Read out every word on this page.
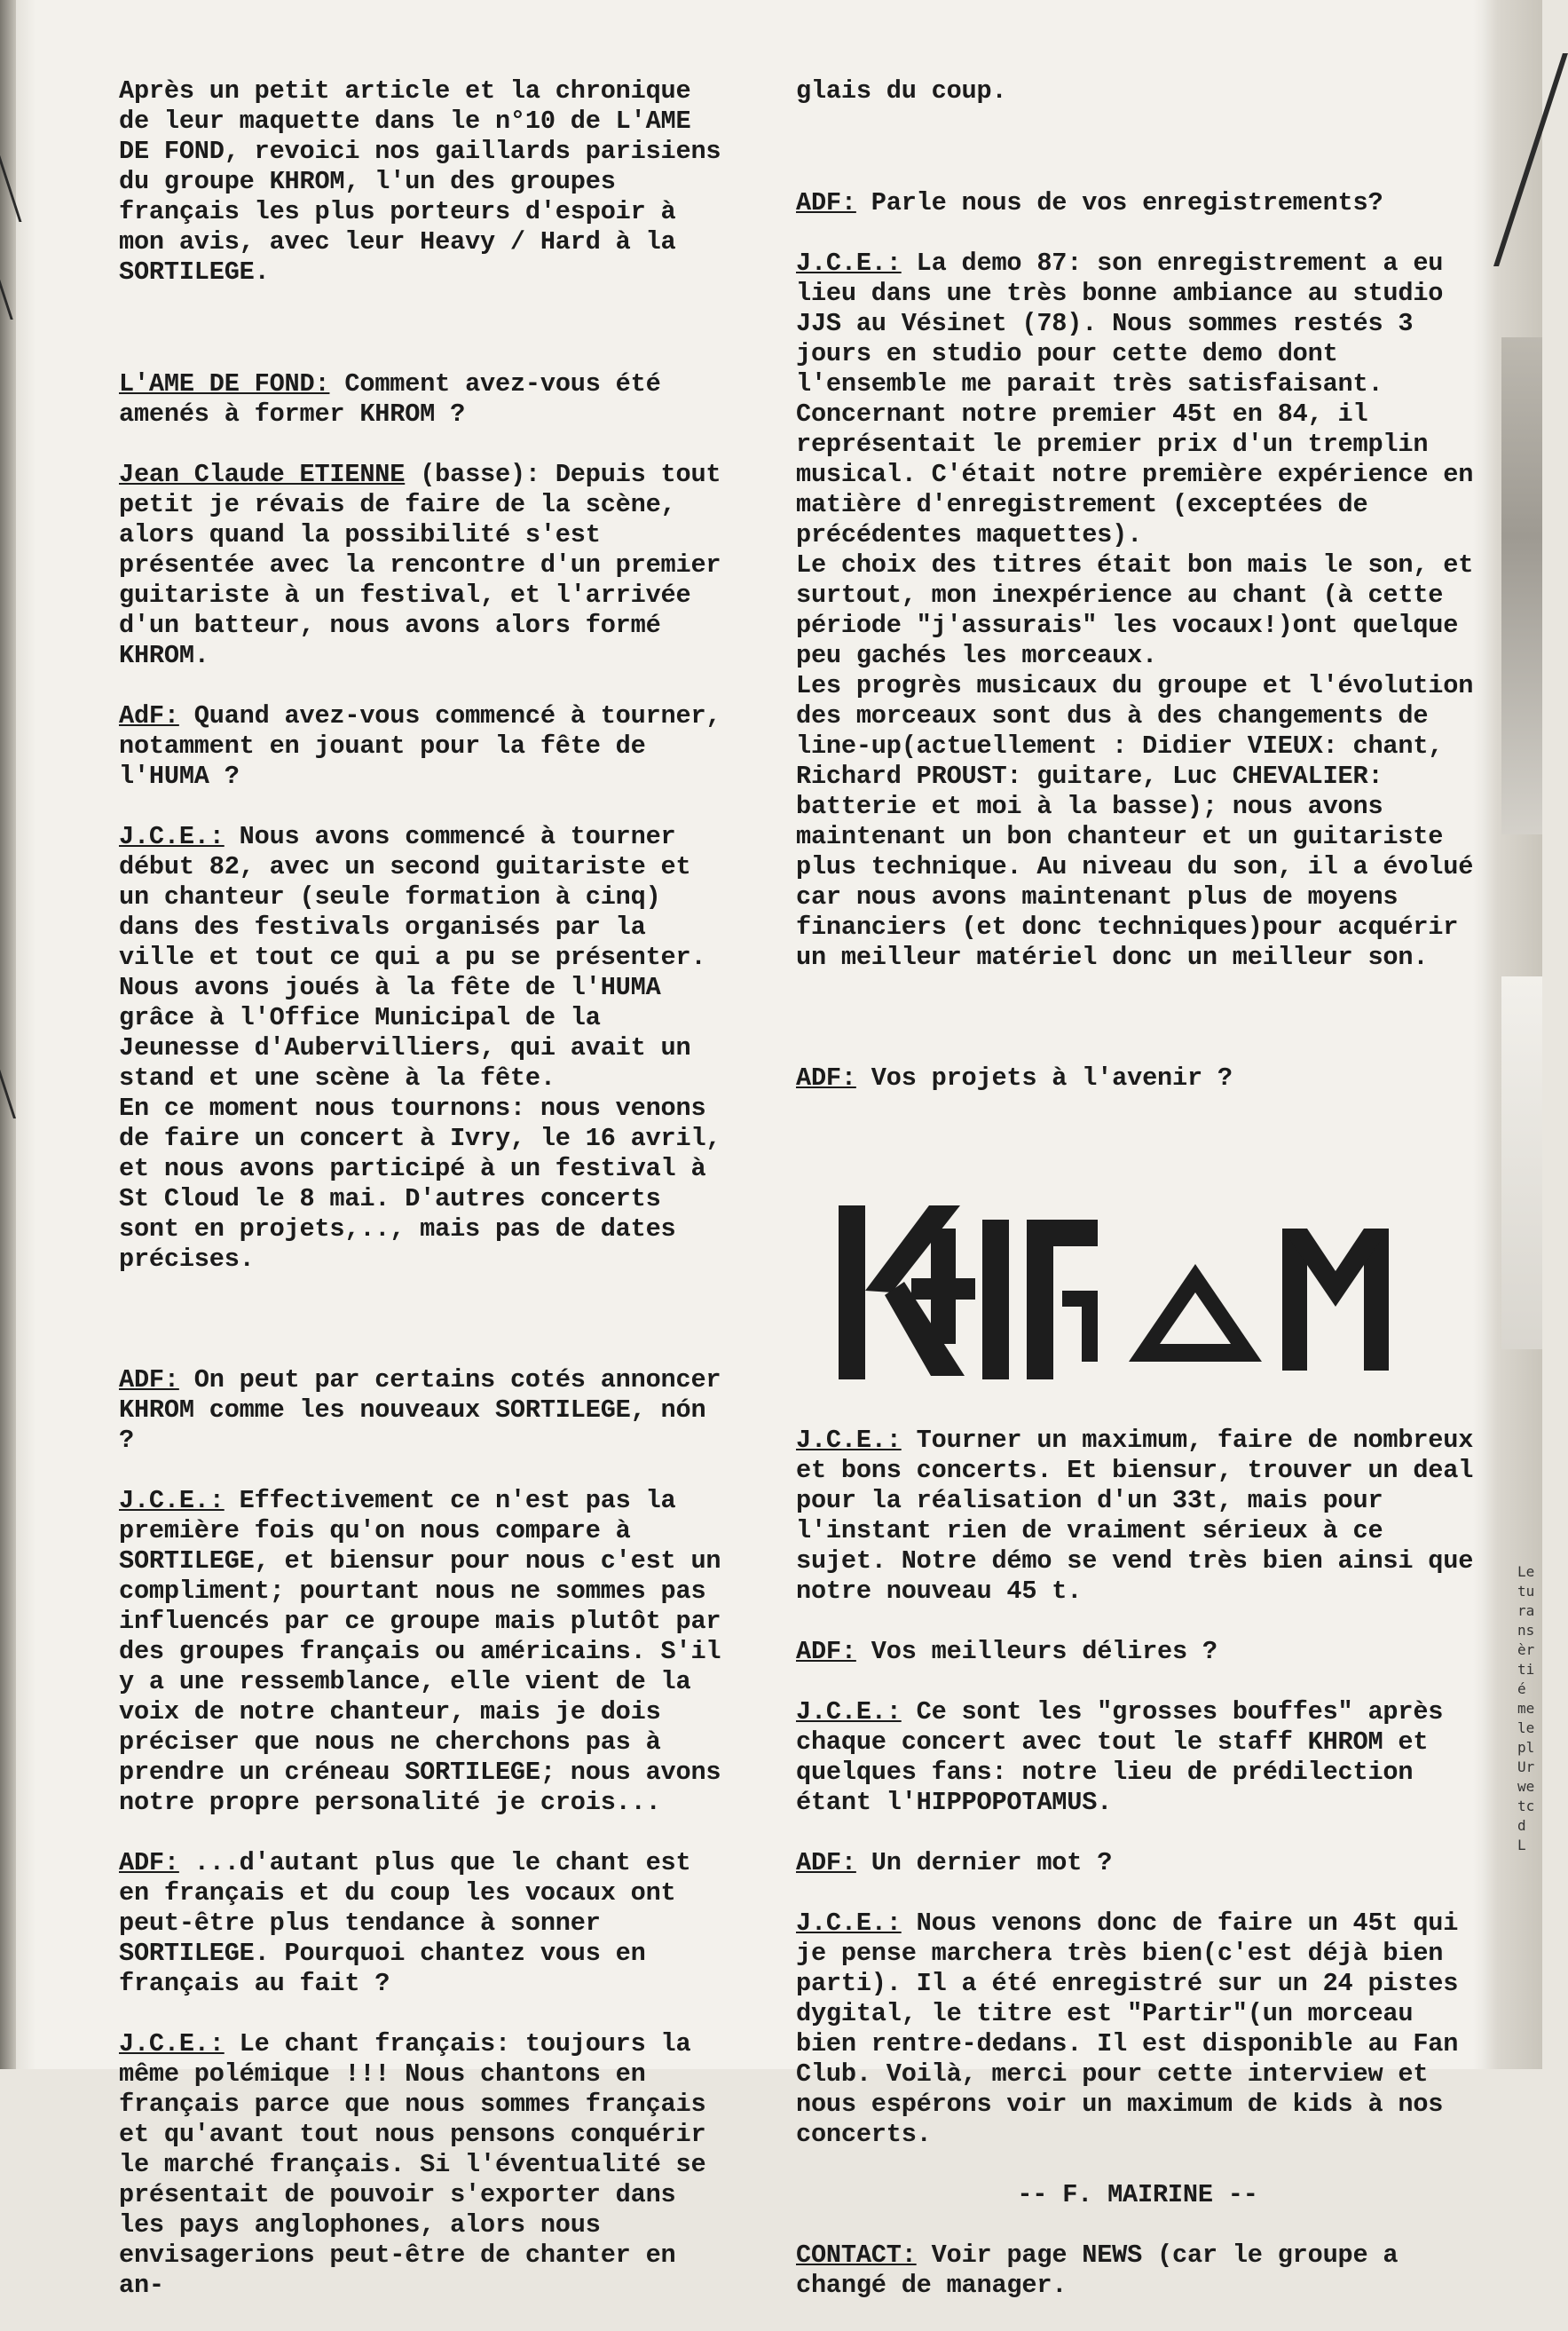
Après un petit article et la chronique de leur maquette dans le n°10 de L'AME DE FOND, revoici nos gaillards parisiens du groupe KHROM, l'un des groupes français les plus porteurs d'espoir à mon avis, avec leur Heavy / Hard à la SORTILEGE.

L'AME DE FOND: Comment avez-vous été amenés à former KHROM ?

Jean Claude ETIENNE (basse): Depuis tout petit je révais de faire de la scène, alors quand la possibilité s'est présentée avec la rencontre d'un premier guitariste à un festival, et l'arrivée d'un batteur, nous avons alors formé KHROM.

AdF: Quand avez-vous commencé à tourner, notamment en jouant pour la fête de l'HUMA ?

J.C.E.: Nous avons commencé à tourner début 82, avec un second guitariste et un chanteur (seule formation à cinq) dans des festivals organisés par la ville et tout ce qui a pu se présenter. Nous avons joués à la fête de l'HUMA grâce à l'Office Municipal de la Jeunesse d'Aubervilliers, qui avait un stand et une scène à la fête.
En ce moment nous tournons: nous venons de faire un concert à Ivry, le 16 avril, et nous avons participé à un festival à St Cloud le 8 mai. D'autres concerts sont en projets,.., mais pas de dates précises.

ADF: On peut par certains cotés annoncer KHROM comme les nouveaux SORTILEGE, nón ?

J.C.E.: Effectivement ce n'est pas la première fois qu'on nous compare à SORTILEGE, et biensur pour nous c'est un compliment; pourtant nous ne sommes pas influencés par ce groupe mais plutôt par des groupes français ou américains. S'il y a une ressemblance, elle vient de la voix de notre chanteur, mais je dois préciser que nous ne cherchons pas à prendre un créneau SORTILEGE; nous avons notre propre personalité je crois...

ADF: ...d'autant plus que le chant est en français et du coup les vocaux ont peut-être plus tendance à sonner SORTILEGE. Pourquoi chantez vous en français au fait ?

J.C.E.: Le chant français: toujours la même polémique !!! Nous chantons en français parce que nous sommes français et qu'avant tout nous pensons conquérir le marché français. Si l'éventualité se présentait de pouvoir s'exporter dans les pays anglophones, alors nous envisagerions peut-être de chanter en an-

glais du coup.

ADF: Parle nous de vos enregistrements?

J.C.E.: La demo 87: son enregistrement a eu lieu dans une très bonne ambiance au studio JJS au Vésinet (78). Nous sommes restés 3 jours en studio pour cette demo dont l'ensemble me parait très satisfaisant.
Concernant notre premier 45t en 84, il représentait le premier prix d'un tremplin musical. C'était notre première expérience en matière d'enregistrement (exceptées de précédentes maquettes).
Le choix des titres était bon mais le son, et surtout, mon inexpérience au chant (à cette période "j'assurais" les vocaux!)ont quelque peu gachés les morceaux.
Les progrès musicaux du groupe et l'évolution des morceaux sont dus à des changements de line-up(actuellement : Didier VIEUX: chant, Richard PROUST: guitare, Luc CHEVALIER: batterie et moi à la basse); nous avons maintenant un bon chanteur et un guitariste plus technique. Au niveau du son, il a évolué car nous avons maintenant plus de moyens financiers (et donc techniques)pour acquérir un meilleur matériel donc un meilleur son.

ADF: Vos projets à l'avenir ?

KHROM

J.C.E.: Tourner un maximum, faire de nombreux et bons concerts. Et biensur, trouver un deal pour la réalisation d'un 33t, mais pour l'instant rien de vraiment sérieux à ce sujet. Notre démo se vend très bien ainsi que notre nouveau 45 t.

ADF: Vos meilleurs délires ?

J.C.E.: Ce sont les "grosses bouffes" après chaque concert avec tout le staff KHROM et quelques fans: notre lieu de prédilection étant l'HIPPOPOTAMUS.

ADF: Un dernier mot ?

J.C.E.: Nous venons donc de faire un 45t qui je pense marchera très bien(c'est déjà bien parti). Il a été enregistré sur un 24 pistes dygital, le titre est "Partir"(un morceau bien rentre-dedans. Il est disponible au Fan Club. Voilà, merci pour cette interview et nous espérons voir un maximum de kids à nos concerts.

-- F. MAIRINE --

CONTACT: Voir page NEWS (car le groupe a changé de manager.

Le
tu
ra
ns
èr
ti
é
me
le
pl
Ur
we
tc
d
L
